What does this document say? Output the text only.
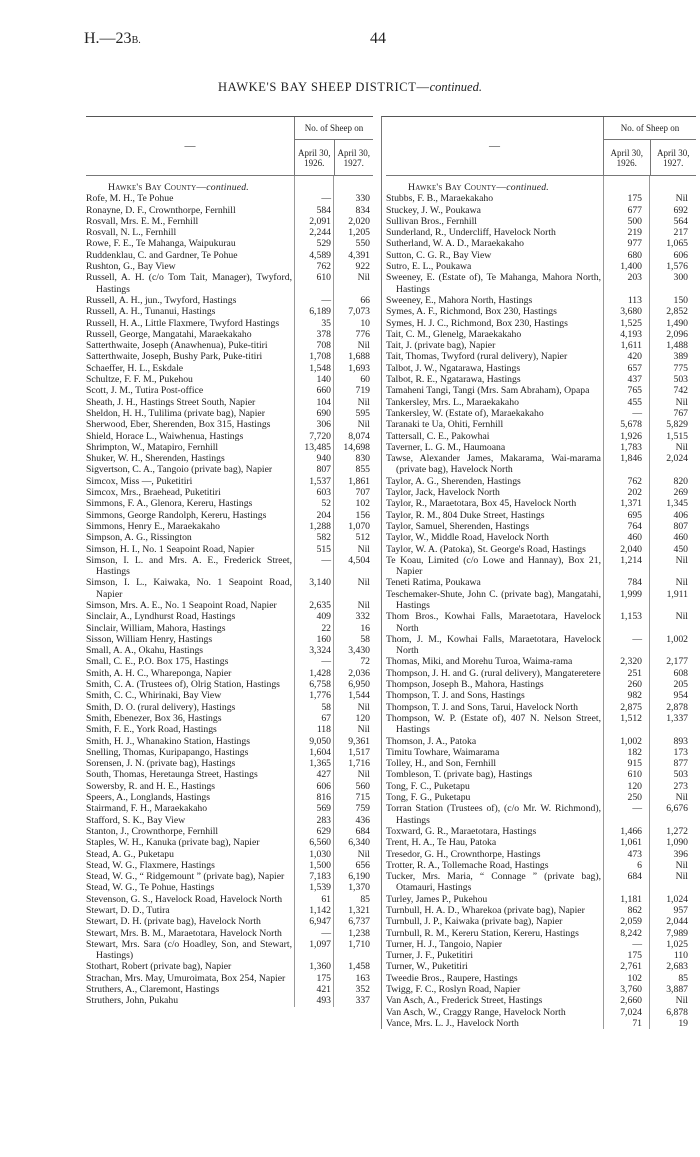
H.—23B.	44
HAWKE'S BAY SHEEP DISTRICT—continued.
—
No. of Sheep on
April 30, 1926.
April 30, 1927.
Hawke's Bay County—continued.
Rofe, M. H., Te Pohue	—	330
Ronayne, D. F., Crownthorpe, Fernhill	584	834
Rosvall, Mrs. E. M., Fernhill	2,091	2,020
Rosvall, N. L., Fernhill	2,244	1,205
Rowe, F. E., Te Mahanga, Waipukurau	529	550
Ruddenklau, C. and Gardner, Te Pohue	4,589	4,391
Rushton, G., Bay View	762	922
Russell, A. H. (c/o Tom Tait, Manager), Twyford, Hastings
610	Nil
Russell, A. H., jun., Twyford, Hastings	—	66
Russell, A. H., Tunanui, Hastings	6,189	7,073
Russell, H. A., Little Flaxmere, Twyford Hastings	35	10
Russell, George, Mangatahi, Maraekakaho	378	776
Satterthwaite, Joseph (Anawhenua), Puke-titiri	708	Nil
Satterthwaite, Joseph, Bushy Park, Puke-titiri	1,708	1,688
Schaeffer, H. L., Eskdale	1,548	1,693
Schultze, F. F. M., Pukehou	140	60
Scott, J. M., Tutira Post-office	660	719
Sheath, J. H., Hastings Street South, Napier	104	Nil
Sheldon, H. H., Tulilima (private bag), Napier	690	595
Sherwood, Eber, Sherenden, Box 315, Hastings	306	Nil
Shield, Horace L., Waiwhenua, Hastings	7,720	8,074
Shrimpton, W., Matapiro, Fernhill	13,485	14,698
Shuker, W. H., Sherenden, Hastings	940	830
Sigvertson, C. A., Tangoio (private bag), Napier	807	855
Simcox, Miss —, Puketitiri	1,537	1,861
Simcox, Mrs., Braehead, Puketitiri	603	707
Simmons, F. A., Glenora, Kereru, Hastings	52	102
Simmons, George Randolph, Kereru, Hastings	204	156
Simmons, Henry E., Maraekakaho	1,288	1,070
Simpson, A. G., Rissington	582	512
Simson, H. I., No. 1 Seapoint Road, Napier	515	Nil
Simson, I. L. and Mrs. A. E., Frederick Street, Hastings
—	4,504
Simson, I. L., Kaiwaka, No. 1 Seapoint Road, Napier
3,140	Nil
Simson, Mrs. A. E., No. 1 Seapoint Road, Napier	2,635	Nil
Sinclair, A., Lyndhurst Road, Hastings	409	332
Sinclair, William, Mahora, Hastings	22	16
Sisson, William Henry, Hastings	160	58
Small, A. A., Okahu, Hastings	3,324	3,430
Small, C. E., P.O. Box 175, Hastings	—	72
Smith, A. H. C., Whareponga, Napier	1,428	2,036
Smith, C. A. (Trustees of), Olrig Station, Hastings	6,758	6,950
Smith, C. C., Whirinaki, Bay View	1,776	1,544
Smith, D. O. (rural delivery), Hastings	58	Nil
Smith, Ebenezer, Box 36, Hastings	67	120
Smith, F. E., York Road, Hastings	118	Nil
Smith, H. J., Whanakino Station, Hastings	9,050	9,361
Snelling, Thomas, Kuripapango, Hastings	1,604	1,517
Sorensen, J. N. (private bag), Hastings	1,365	1,716
South, Thomas, Heretaunga Street, Hastings	427	Nil
Sowersby, R. and H. E., Hastings	606	560
Speers, A., Longlands, Hastings	816	715
Stairmand, F. H., Maraekakaho	569	759
Stafford, S. K., Bay View	283	436
Stanton, J., Crownthorpe, Fernhill	629	684
Staples, W. H., Kanuka (private bag), Napier	6,560	6,340
Stead, A. G., Puketapu	1,030	Nil
Stead, W. G., Flaxmere, Hastings	1,500	656
Stead, W. G., “ Ridgemount ” (private bag), Napier	7,183	6,190
Stead, W. G., Te Pohue, Hastings	1,539	1,370
Stevenson, G. S., Havelock Road, Havelock North	61	85
Stewart, D. D., Tutira	1,142	1,321
Stewart, D. H. (private bag), Havelock North	6,947	6,737
Stewart, Mrs. B. M., Maraetotara, Havelock North	—	1,238
Stewart, Mrs. Sara (c/o Hoadley, Son, and Stewart, Hastings)
1,097	1,710
Stothart, Robert (private bag), Napier	1,360	1,458
Strachan, Mrs. May, Umuroimata, Box 254, Napier	175	163
Struthers, A., Claremont, Hastings	421	352
Struthers, John, Pukahu	493	337
—
No. of Sheep on
April 30, 1926.
April 30, 1927.
Hawke's Bay County—continued.
Stubbs, F. B., Maraekakaho	175	Nil
Stuckey, J. W., Poukawa	677	692
Sullivan Bros., Fernhill	500	564
Sunderland, R., Undercliff, Havelock North	219	217
Sutherland, W. A. D., Maraekakaho	977	1,065
Sutton, C. G. R., Bay View	680	606
Sutro, E. L., Poukawa	1,400	1,576
Sweeney, E. (Estate of), Te Mahanga, Mahora North, Hastings
203	300
Sweeney, E., Mahora North, Hastings	113	150
Symes, A. F., Richmond, Box 230, Hastings	3,680	2,852
Symes, H. J. C., Richmond, Box 230, Hastings	1,525	1,490
Tait, C. M., Glenelg, Maraekakaho	4,193	2,096
Tait, J. (private bag), Napier	1,611	1,488
Tait, Thomas, Twyford (rural delivery), Napier	420	389
Talbot, J. W., Ngatarawa, Hastings	657	775
Talbot, R. E., Ngatarawa, Hastings	437	503
Tamaheni Tangi, Tangi (Mrs. Sam Abraham), Opapa	765	742
Tankersley, Mrs. L., Maraekakaho	455	Nil
Tankersley, W. (Estate of), Maraekakaho	—	767
Taranaki te Ua, Ohiti, Fernhill	5,678	5,829
Tattersall, C. E., Pakowhai	1,926	1,515
Taverner, L. G. M., Haumoana	1,783	Nil
Tawse, Alexander James, Makarama, Wai-marama (private bag), Havelock North
1,846	2,024
Taylor, A. G., Sherenden, Hastings	762	820
Taylor, Jack, Havelock North	202	269
Taylor, R., Maraetotara, Box 45, Havelock North	1,371	1,345
Taylor, R. M., 804 Duke Street, Hastings	695	406
Taylor, Samuel, Sherenden, Hastings	764	807
Taylor, W., Middle Road, Havelock North	460	460
Taylor, W. A. (Patoka), St. George's Road, Hastings	2,040	450
Te Koau, Limited (c/o Lowe and Hannay), Box 21, Napier
1,214	Nil
Teneti Ratima, Poukawa	784	Nil
Teschemaker-Shute, John C. (private bag), Mangatahi, Hastings
1,999	1,911
Thom Bros., Kowhai Falls, Maraetotara, Havelock North
1,153	Nil
Thom, J. M., Kowhai Falls, Maraetotara, Havelock North
—	1,002
Thomas, Miki, and Morehu Turoa, Waima-rama	2,320	2,177
Thompson, J. H. and G. (rural delivery), Mangateretere	251	608
Thompson, Joseph B., Mahora, Hastings	260	205
Thompson, T. J. and Sons, Hastings	982	954
Thompson, T. J. and Sons, Tarui, Havelock North	2,875	2,878
Thompson, W. P. (Estate of), 407 N. Nelson Street, Hastings
1,512	1,337
Thomson, J. A., Patoka	1,002	893
Timitu Towhare, Waimarama	182	173
Tolley, H., and Son, Fernhill	915	877
Tombleson, T. (private bag), Hastings	610	503
Tong, F. C., Puketapu	120	273
Tong, F. G., Puketapu	250	Nil
Torran Station (Trustees of), (c/o Mr. W. Richmond), Hastings
—	6,676
Toxward, G. R., Maraetotara, Hastings	1,466	1,272
Trent, H. A., Te Hau, Patoka	1,061	1,090
Tresedor, G. H., Crownthorpe, Hastings	473	396
Trotter, R. A., Tollemache Road, Hastings	6	Nil
Tucker, Mrs. Maria, “ Connage ” (private bag), Otamauri, Hastings
684	Nil
Turley, James P., Pukehou	1,181	1,024
Turnbull, H. A. D., Wharekoa (private bag), Napier	862	957
Turnbull, J. P., Kaiwaka (private bag), Napier	2,059	2,044
Turnbull, R. M., Kereru Station, Kereru, Hastings	8,242	7,989
Turner, H. J., Tangoio, Napier	—	1,025
Turner, J. F., Puketitiri	175	110
Turner, W., Puketitiri	2,761	2,683
Tweedie Bros., Raupere, Hastings	102	85
Twigg, F. C., Roslyn Road, Napier	3,760	3,887
Van Asch, A., Frederick Street, Hastings	2,660	Nil
Van Asch, W., Craggy Range, Havelock North	7,024	6,878
Vance, Mrs. L. J., Havelock North	71	19
